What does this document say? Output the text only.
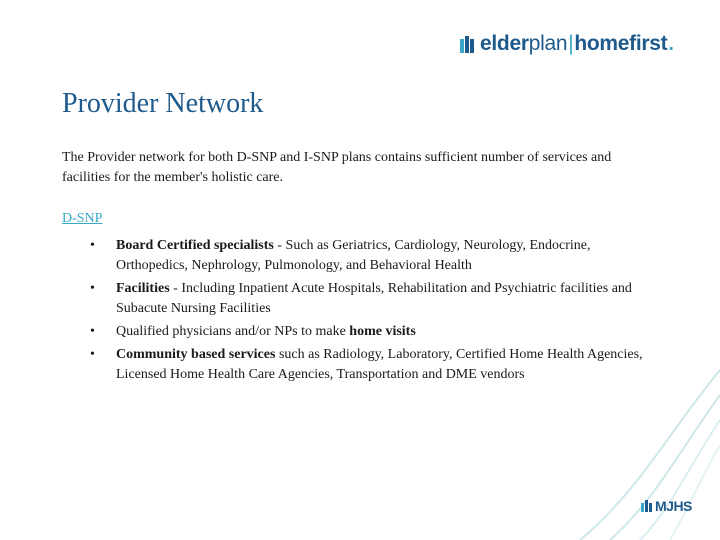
elder plan | homefirst .
Provider Network

The Provider network for both D-SNP and I-SNP plans contains sufficient number of services and facilities for the member's holistic care.

D-SNP
• Board Certified specialists - Such as Geriatrics, Cardiology, Neurology, Endocrine, Orthopedics, Nephrology, Pulmonology, and Behavioral Health
• Facilities - Including Inpatient Acute Hospitals, Rehabilitation and Psychiatric facilities and Subacute Nursing Facilities
• Qualified physicians and/or NPs to make home visits
• Community based services such as Radiology, Laboratory, Certified Home Health Agencies, Licensed Home Health Care Agencies, Transportation and DME vendors
MJHS
